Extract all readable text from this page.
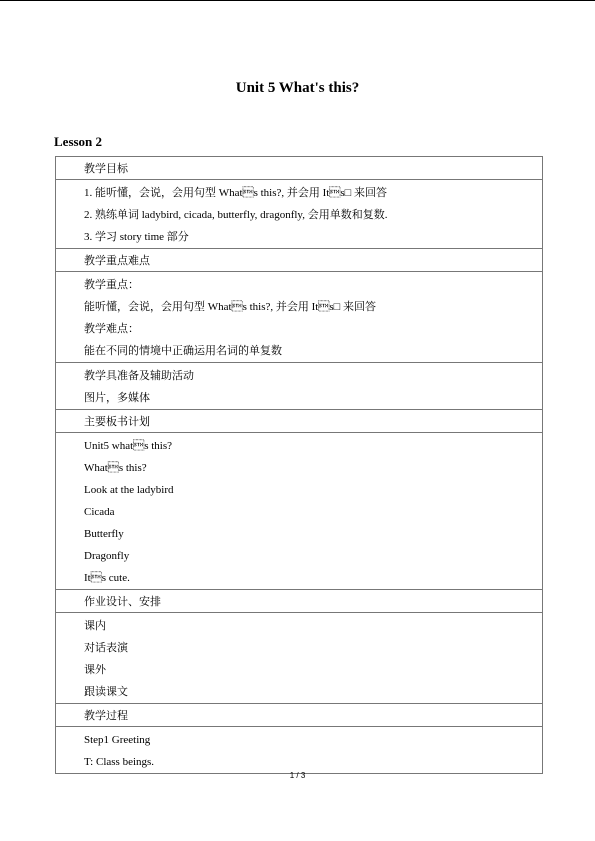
Unit 5 What's this?
Lesson 2
教学目标

1. 能听懂，会说，会用句型 Whats this?, 并会用 Its□ 来回答
2. 熟练单词 ladybird, cicada, butterfly, dragonfly, 会用单数和复数.
3. 学习 story time 部分

教学重点难点

教学重点：
能听懂，会说，会用句型 Whats this?, 并会用 Its□ 来回答
教学难点：
能在不同的情境中正确运用名词的单复数

教学具准备及辅助活动
图片，多媒体

主要板书计划

Unit5 whats this?
Whats this?
Look at the ladybird
Cicada
Butterfly
Dragonfly
Its cute.

作业设计、安排

课内
对话表演
课外
跟读课文

教学过程

Step1 Greeting
T: Class beings.
1 / 3
